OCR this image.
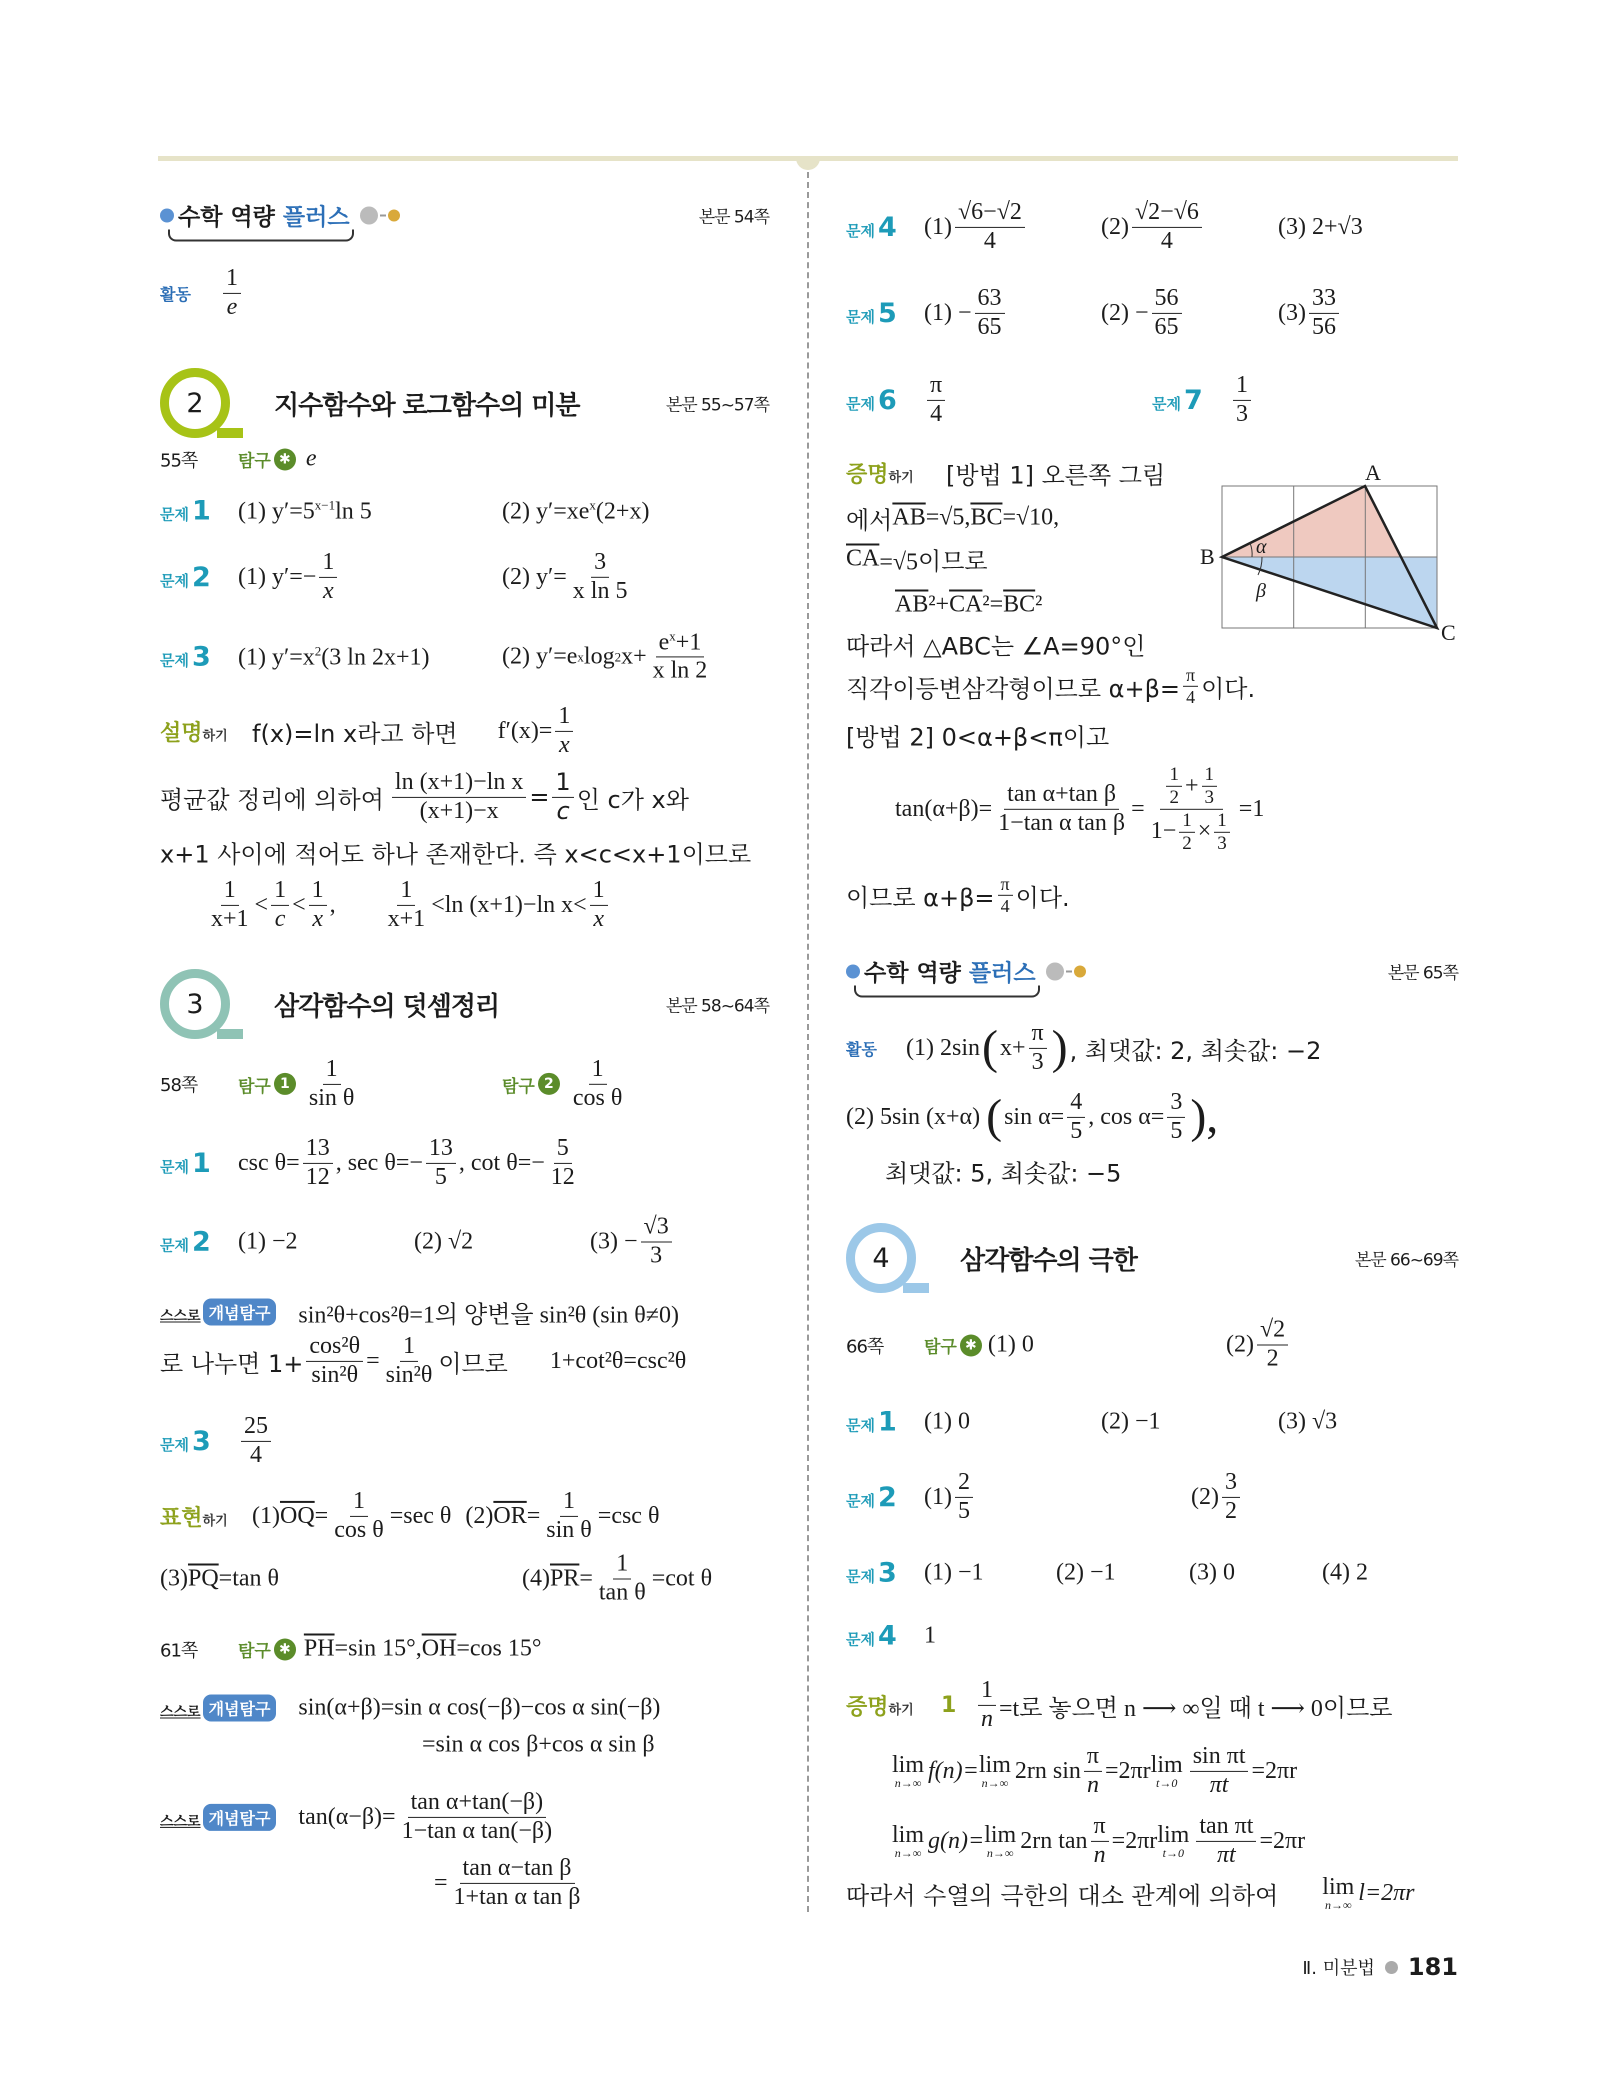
수학 역량 플러스	본문 54쪽
활동	$\frac{1}{e}$
2	지수함수와 로그함수의 미분	본문 55~57쪽
55쪽	탐구 ✱ e
문제 1 (1) $y'=5^{x-1}\ln$ 5	(2) $y'=xe^x(2+x)$
문제 2 (1) $y'=- \frac{1}{x}$	(2) $y'= \frac{3}{\text{x ln 5}}$
문제 3 (1) $y'=x^2(3$ ln 2x+1)	(2) y′=e x log 2 $x+ \frac{e^x+1}{\text{x ln 2}}$
설명하기	f(x)=ln x라고 하면 $f'(x)= \frac{1}{x}$
평균값 정리에 의하여 $\frac{\text{ln (x+1)−ln x}}{(x+1)-x} = \frac{1}{c}$ 인 c가 x와
x+1 사이에 적어도 하나 존재한다. 즉 x<c<x+1이므로
$\frac{1}{x+1} < \frac{1}{c} < \frac{1}{x}$ , $\frac{1}{x+1} <\ln$ (x+1)−ln $x< \frac{1}{x}$
3	삼각함수의 덧셈정리	본문 58~64쪽
58쪽	탐구 $1 \frac{1}{\text{sin θ}}$	탐구 $2 \frac{1}{\text{cos θ}}$
문제 1 $\csc \theta= \frac{13}{12}$ , $\sec \theta=- \frac{13}{5}$ , $\cot \theta=- \frac{5}{12}$
문제 2 (1) −2	(2) √2	$(3) - \frac{√3}{3}$
스스로 개념탐구 sin²θ+cos²θ=1의 양변을 sin²θ (sin θ≠0)
로 나누면 $1+ \frac{\text{cos²θ}}{\text{sin²θ}} = \frac{1}{\text{sin²θ}}$ 이므로 1+cot²θ=csc²θ
문제 $3 \frac{25}{4}$
표현하기	(1) $\overline{OQ} = \frac{1}{\text{cos θ}} =\sec$ θ (2) $\overline{OR} = \frac{1}{\text{sin θ}} =\csc$ θ
(3) $\overline{PQ} =\tan$ θ	(4) $\overline{PR} = \frac{1}{\text{tan θ}} =\cot$ θ
61쪽	탐구 ✱ $\overline{PH} =\sin$ 15°, $\overline{OH} =\cos$ 15°
스스로 개념탐구 sin(α+β)=sin α cos(−β)−cos α sin(−β)
=sin α cos β+cos α sin β
스스로 개념탐구 $\tan(\alpha-\beta)= \frac{\text{tan α+tan(−β)}}{\text{1−tan α tan(−β)}}$
= $\frac{\text{tan α−tan β}}{\text{1+tan α tan β}}$
문제 4 $(1) \frac{√6-√2}{4}$	$(2) \frac{√2-√6}{4}$	(3) 2+√3
문제 5 $(1) - \frac{63}{65}$	$(2) - \frac{56}{65}$	$(3) \frac{33}{56}$
문제 $6 \frac{\pi}{4}$	문제 $7 \frac{1}{3}$
증명하기	[방법 1] 오른쪽 그림
에서 $\overline{AB} =√5$, $\overline{BC} =√10$,
$\overline{CA} =√5$이므로
$\overline{AB}$ $^2+ \overline{CA}$ $^2= \overline{BC}$ ²
따라서 △ABC는 ∠A=90°인
직각이등변삼각형이므로 $\alpha+\beta= \frac{\pi}{4}$ 이다.
[방법 2] 0<α+β<π이고
$\tan(\alpha+\beta)= \frac{\text{tan α+tan β}}{\text{1−tan α tan β}} = \frac{\frac{1}{2} + \frac{1}{3}}{1- \frac{1}{2} \times \frac{1}{3}} =1$
이므로 $\alpha+\beta= \frac{\pi}{4}$ 이다.
A
B
C
α
β
수학 역량 플러스	본문 65쪽
활동	(1) 2sin ( $x+ \frac{\pi}{3}$ ) , 최댓값: 2, 최솟값: −2
(2) 5sin (x+α) ( $\sin \alpha= \frac{4}{5}$ , $\cos \alpha= \frac{3}{5}$ ),
최댓값: 5, 최솟값: −5
4	삼각함수의 극한	본문 66~69쪽
66쪽	탐구 ✱ (1) 0	$(2) \frac{√2}{2}$
문제 1 (1) 0	(2) −1	(3) √3
문제 2 $(1) \frac{2}{5}$	$(2) \frac{3}{2}$
문제 3 (1) −1	(2) −1	(3) 0	(4) 2
문제 4 1
증명하기	$1 \frac{1}{n} =t$로 놓으면 n ⟶ ∞일 때 t ⟶ 0이므로
lim
n→∞ f(n)= lim
n→∞ 2rn $\sin \frac{\pi}{n} =2\pi r$ lim
$t\to 0 \frac{\text{sin πt}}{\pi t} =2\pi r$
lim
n→∞ g(n)= lim
n→∞ 2rn $\tan \frac{\pi}{n} =2\pi r$ lim
$t\to 0 \frac{\text{tan πt}}{\pi t} =2\pi r$
따라서 수열의 극한의 대소 관계에 의하여 lim
n→∞ l=2πr
Ⅱ. 미분법 181
